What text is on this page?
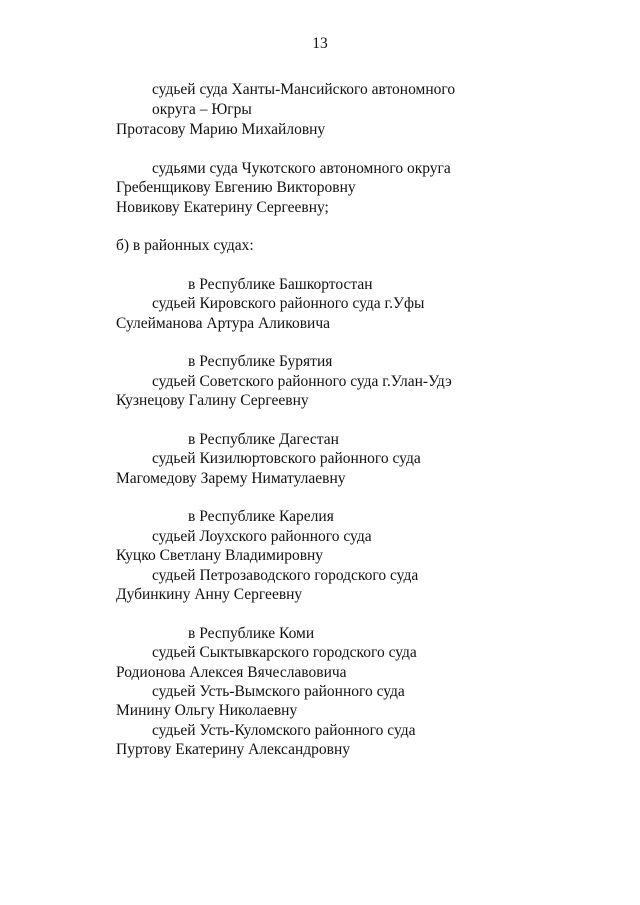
13
судьей суда Ханты-Мансийского автономного
округа – Югры
Протасову Марию Михайловну
судьями суда Чукотского автономного округа
Гребенщикову Евгению Викторовну
Новикову Екатерину Сергеевну;
б) в районных судах:
в Республике Башкортостан
судьей Кировского районного суда г.Уфы
Сулейманова Артура Аликовича
в Республике Бурятия
судьей Советского районного суда г.Улан-Удэ
Кузнецову Галину Сергеевну
в Республике Дагестан
судьей Кизилюртовского районного суда
Магомедову Зарему Ниматулаевну
в Республике Карелия
судьей Лоухского районного суда
Куцко Светлану Владимировну
судьей Петрозаводского городского суда
Дубинкину Анну Сергеевну
в Республике Коми
судьей Сыктывкарского городского суда
Родионова Алексея Вячеславовича
судьей Усть-Вымского районного суда
Минину Ольгу Николаевну
судьей Усть-Куломского районного суда
Пуртову Екатерину Александровну
